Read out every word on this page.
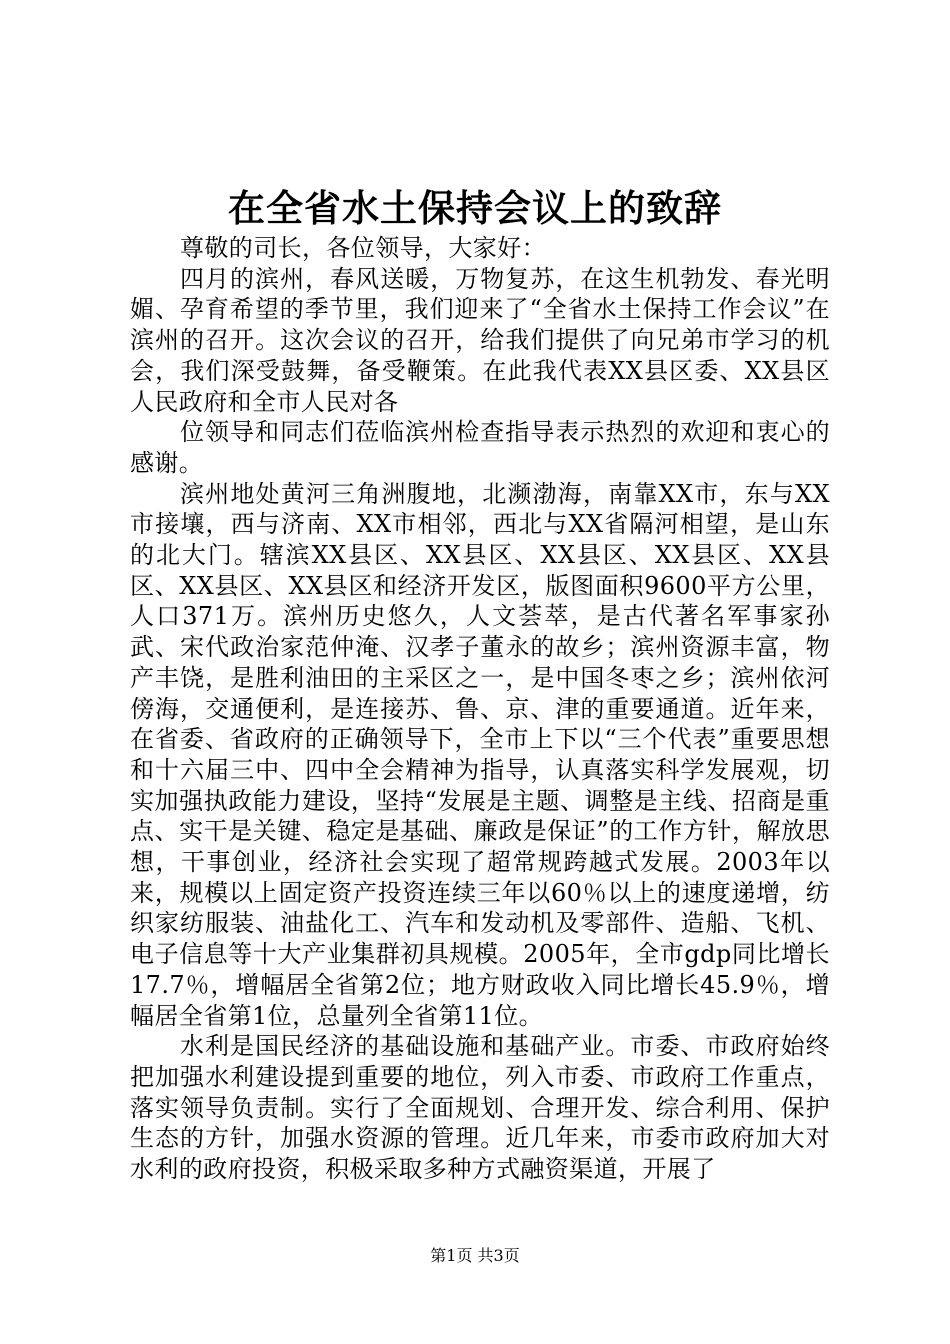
在全省水土保持会议上的致辞

尊敬的司长，各位领导，大家好：

四月的滨州，春风送暖，万物复苏，在这生机勃发、春光明媚、孕育希望的季节里，我们迎来了“全省水土保持工作会议”在滨州的召开。这次会议的召开，给我们提供了向兄弟市学习的机会，我们深受鼓舞，备受鞭策。在此我代表XX县区委、XX县区人民政府和全市人民对各

位领导和同志们莅临滨州检查指导表示热烈的欢迎和衷心的感谢。

滨州地处黄河三角洲腹地，北濒渤海，南靠XX市，东与XX市接壤，西与济南、XX市相邻，西北与XX省隔河相望，是山东的北大门。辖滨XX县区、XX县区、XX县区、XX县区、XX县区、XX县区、XX县区和经济开发区，版图面积9600平方公里，人口371万。滨州历史悠久，人文荟萃，是古代著名军事家孙武、宋代政治家范仲淹、汉孝子董永的故乡；滨州资源丰富，物产丰饶，是胜利油田的主采区之一，是中国冬枣之乡；滨州依河傍海，交通便利，是连接苏、鲁、京、津的重要通道。近年来，在省委、省政府的正确领导下，全市上下以“三个代表”重要思想和十六届三中、四中全会精神为指导，认真落实科学发展观，切实加强执政能力建设，坚持“发展是主题、调整是主线、招商是重点、实干是关键、稳定是基础、廉政是保证”的工作方针，解放思想，干事创业，经济社会实现了超常规跨越式发展。2003年以来，规模以上固定资产投资连续三年以60％以上的速度递增，纺织家纺服装、油盐化工、汽车和发动机及零部件、造船、飞机、电子信息等十大产业集群初具规模。2005年，全市gdp同比增长17.7％，增幅居全省第2位；地方财政收入同比增长45.9％，增幅居全省第1位，总量列全省第11位。

水利是国民经济的基础设施和基础产业。市委、市政府始终把加强水利建设提到重要的地位，列入市委、市政府工作重点，落实领导负责制。实行了全面规划、合理开发、综合利用、保护生态的方针，加强水资源的管理。近几年来，市委市政府加大对水利的政府投资，积极采取多种方式融资渠道，开展了

第1页 共3页
